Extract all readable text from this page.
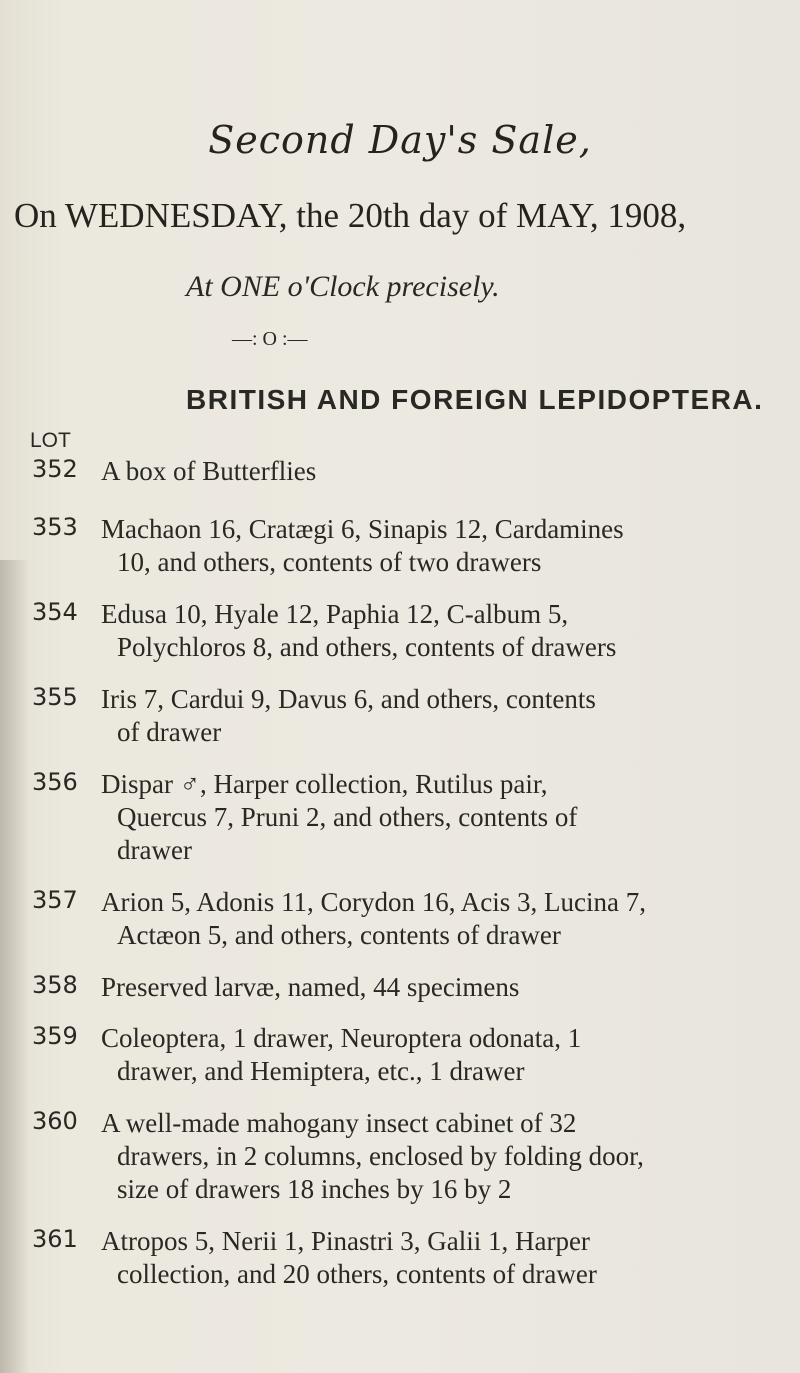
Second Day's Sale,
On WEDNESDAY, the 20th day of MAY, 1908,
At ONE o'Clock precisely.
—: O :—
BRITISH AND FOREIGN LEPIDOPTERA.
LOT
352 A box of Butterflies
353 Machaon 16, Cratægi 6, Sinapis 12, Cardamines
10, and others, contents of two drawers
354 Edusa 10, Hyale 12, Paphia 12, C-album 5,
Polychloros 8, and others, contents of drawers
355 Iris 7, Cardui 9, Davus 6, and others, contents
of drawer
356 Dispar ♂, Harper collection, Rutilus pair,
Quercus 7, Pruni 2, and others, contents of
drawer
357 Arion 5, Adonis 11, Corydon 16, Acis 3, Lucina 7,
Actæon 5, and others, contents of drawer
358 Preserved larvæ, named, 44 specimens
359 Coleoptera, 1 drawer, Neuroptera odonata, 1
drawer, and Hemiptera, etc., 1 drawer
360 A well-made mahogany insect cabinet of 32
drawers, in 2 columns, enclosed by folding door,
size of drawers 18 inches by 16 by 2
361 Atropos 5, Nerii 1, Pinastri 3, Galii 1, Harper
collection, and 20 others, contents of drawer
